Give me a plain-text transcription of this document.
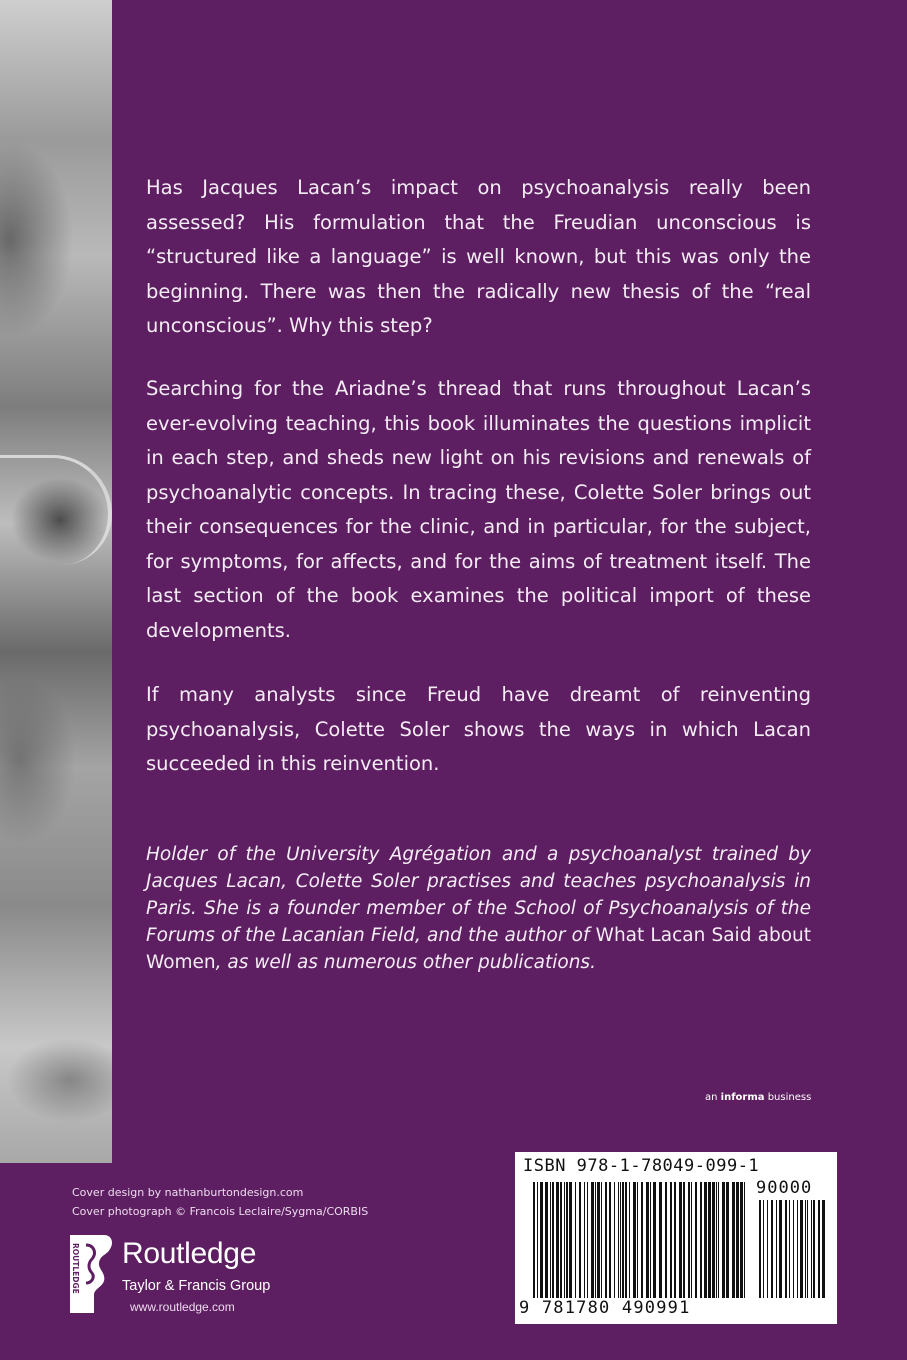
Has Jacques Lacan’s impact on psychoanalysis really been assessed? His formulation that the Freudian unconscious is “structured like a language” is well known, but this was only the beginning. There was then the radically new thesis of the “real unconscious”. Why this step?

Searching for the Ariadne’s thread that runs throughout Lacan’s ever-evolving teaching, this book illuminates the questions implicit in each step, and sheds new light on his revisions and renewals of psychoanalytic concepts. In tracing these, Colette Soler brings out their consequences for the clinic, and in particular, for the subject, for symptoms, for affects, and for the aims of treatment itself. The last section of the book examines the political import of these developments.

If many analysts since Freud have dreamt of reinventing psychoanalysis, Colette Soler shows the ways in which Lacan succeeded in this reinvention.

Holder of the University Agrégation and a psychoanalyst trained by Jacques Lacan, Colette Soler practises and teaches psychoanalysis in Paris. She is a founder member of the School of Psychoanalysis of the Forums of the Lacanian Field, and the author of What Lacan Said about Women, as well as numerous other publications.

an informa business
Cover design by nathanburtondesign.com
Cover photograph © Francois Leclaire/Sygma/CORBIS
ROUTLEDGE Routledge
Taylor & Francis Group
www.routledge.com
ISBN 978-1-78049-099-1
90000
9 781780 490991
